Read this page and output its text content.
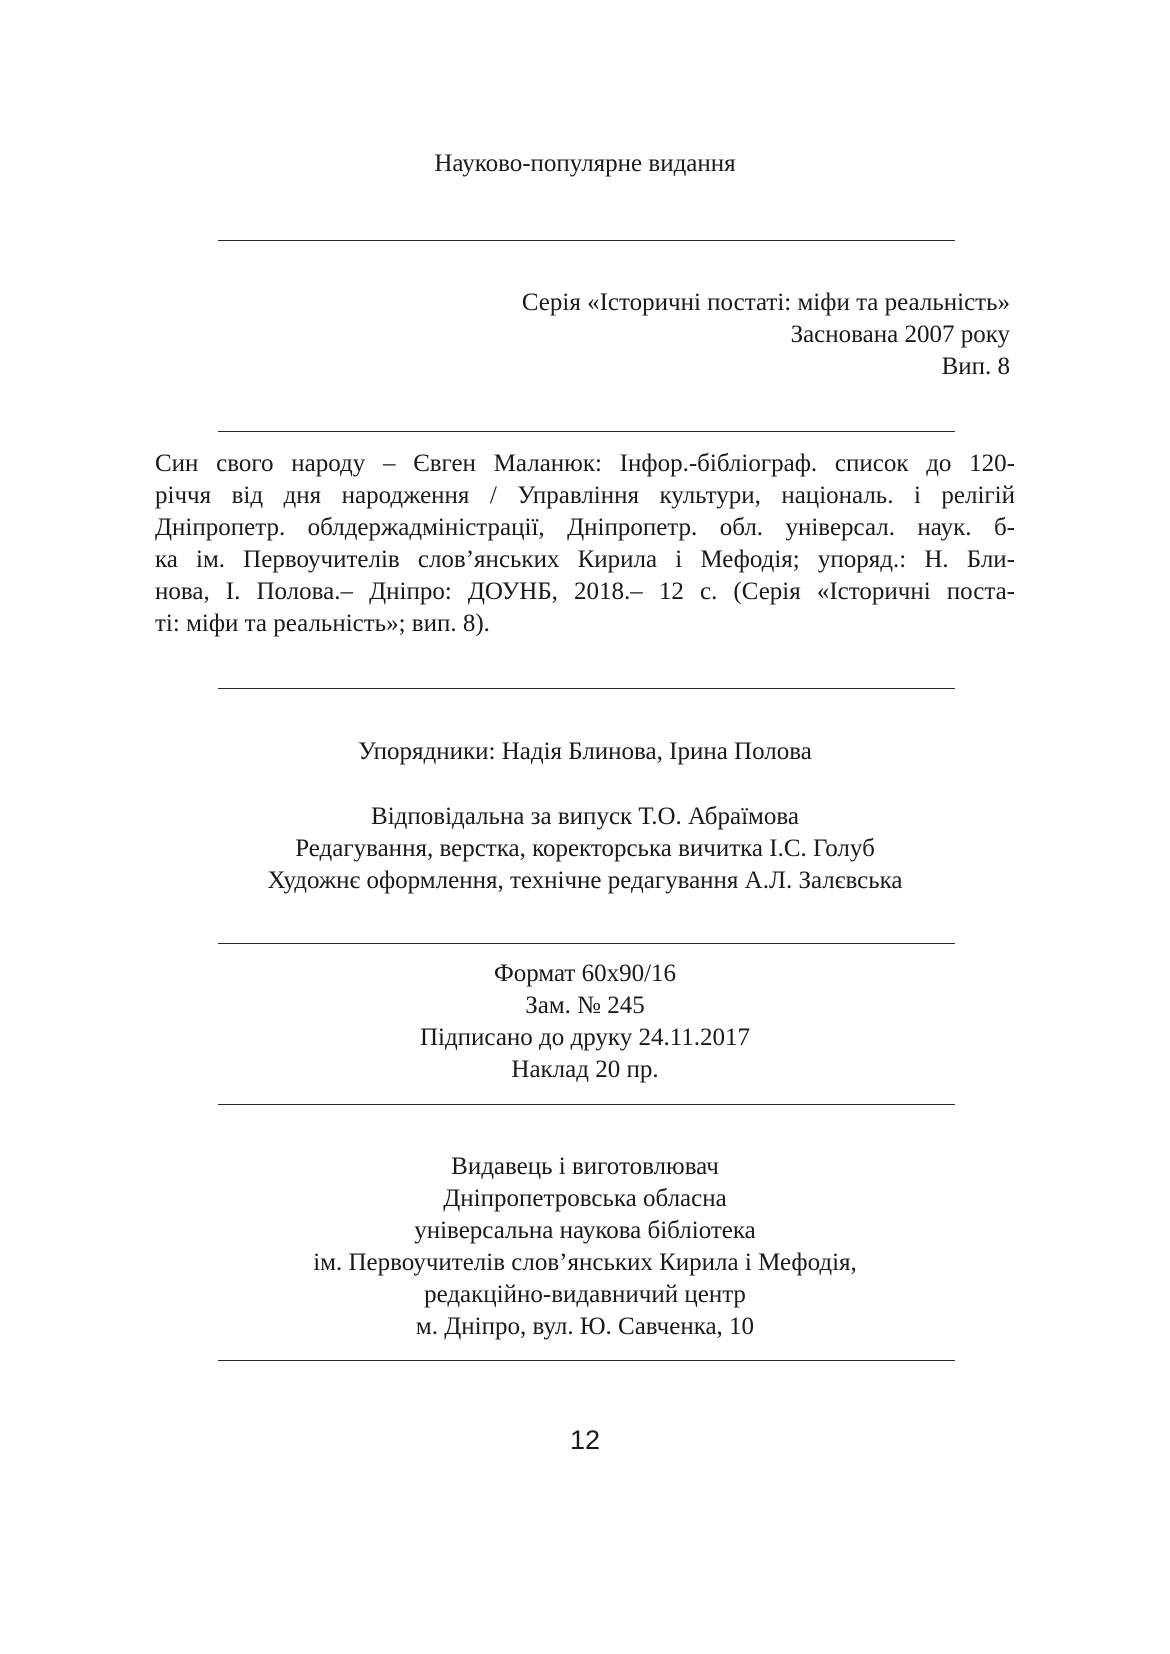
Науково-популярне видання
Серія «Історичні постаті: міфи та реальність»
Заснована 2007 року
Вип. 8
Син свого народу – Євген Маланюк: Інфор.-бібліограф. список до 120-
річчя від дня народження / Управління культури, національ. і релігій
Дніпропетр. облдержадміністрації, Дніпропетр. обл. універсал. наук. б-
ка ім. Первоучителів слов’янських Кирила і Мефодія; упоряд.: Н. Бли-
нова, І. Полова.– Дніпро: ДОУНБ, 2018.– 12 с. (Серія «Історичні поста-
ті: міфи та реальність»; вип. 8).
Упорядники: Надія Блинова, Ірина Полова
Відповідальна за випуск Т.О. Абраїмова
Редагування, верстка, коректорська вичитка І.С. Голуб
Художнє оформлення, технічне редагування А.Л. Залєвська
Формат 60х90/16
Зам. № 245
Підписано до друку 24.11.2017
Наклад 20 пр.
Видавець і виготовлювач
Дніпропетровська обласна
універсальна наукова бібліотека
ім. Первоучителів слов’янських Кирила і Мефодія,
редакційно-видавничий центр
м. Дніпро, вул. Ю. Савченка, 10
12
